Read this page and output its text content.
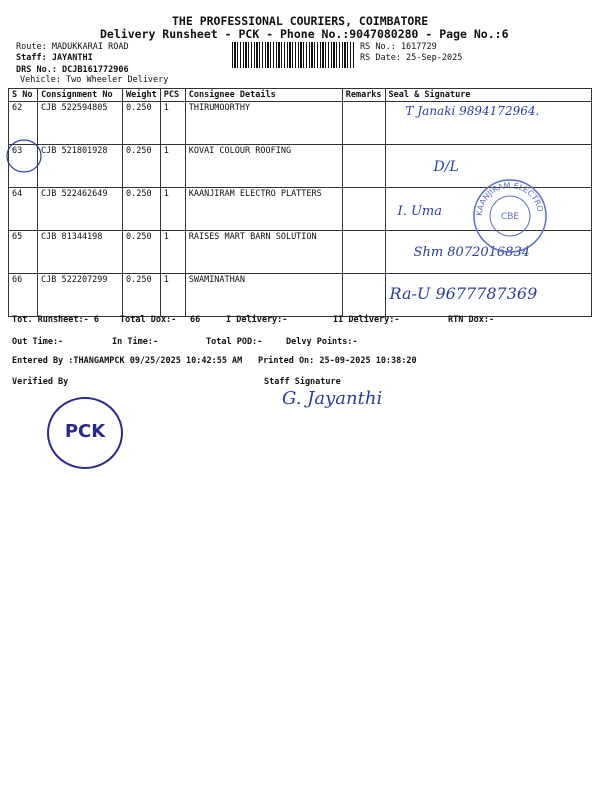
THE PROFESSIONAL COURIERS, COIMBATORE
Delivery Runsheet - PCK - Phone No.:9047080280 - Page No.:6
Route: MADUKKARAI ROAD
Staff: JAYANTHI
DRS No.: DCJB161772906
Vehicle: Two Wheeler Delivery
RS No.: 1617729
RS Date: 25-Sep-2025
S No	Consignment No	Weight	PCS	Consignee Details	Remarks	Seal & Signature
62	CJB 522594805	0.250	1	THIRUMOORTHY		T Janaki 9894172964.

63	CJB 521801928	0.250	1	KOVAI COLOUR ROOFING		D/L

64	CJB 522462649	0.250	1	KAANJIRAM ELECTRO PLATTERS		I. Uma

65	CJB 81344198	0.250	1	RAISES MART BARN SOLUTION		Shm 8072016834

66	CJB 522207299	0.250	1	SWAMINATHAN		Ra-U 9677787369
KAANJIRAM ELECTRO
CBE
Tot. Runsheet:- 6 Total Dox:- 66	I Delivery:-	II Delivery:-	RTN Dox:-
Out Time:-	In Time:-	Total POD:-	Delvy Points:-
Entered By :THANGAMPCK 09/25/2025 10:42:55 AM Printed On: 25-09-2025 10:38:20
Verified By	Staff Signature
G. Jayanthi
PCK
